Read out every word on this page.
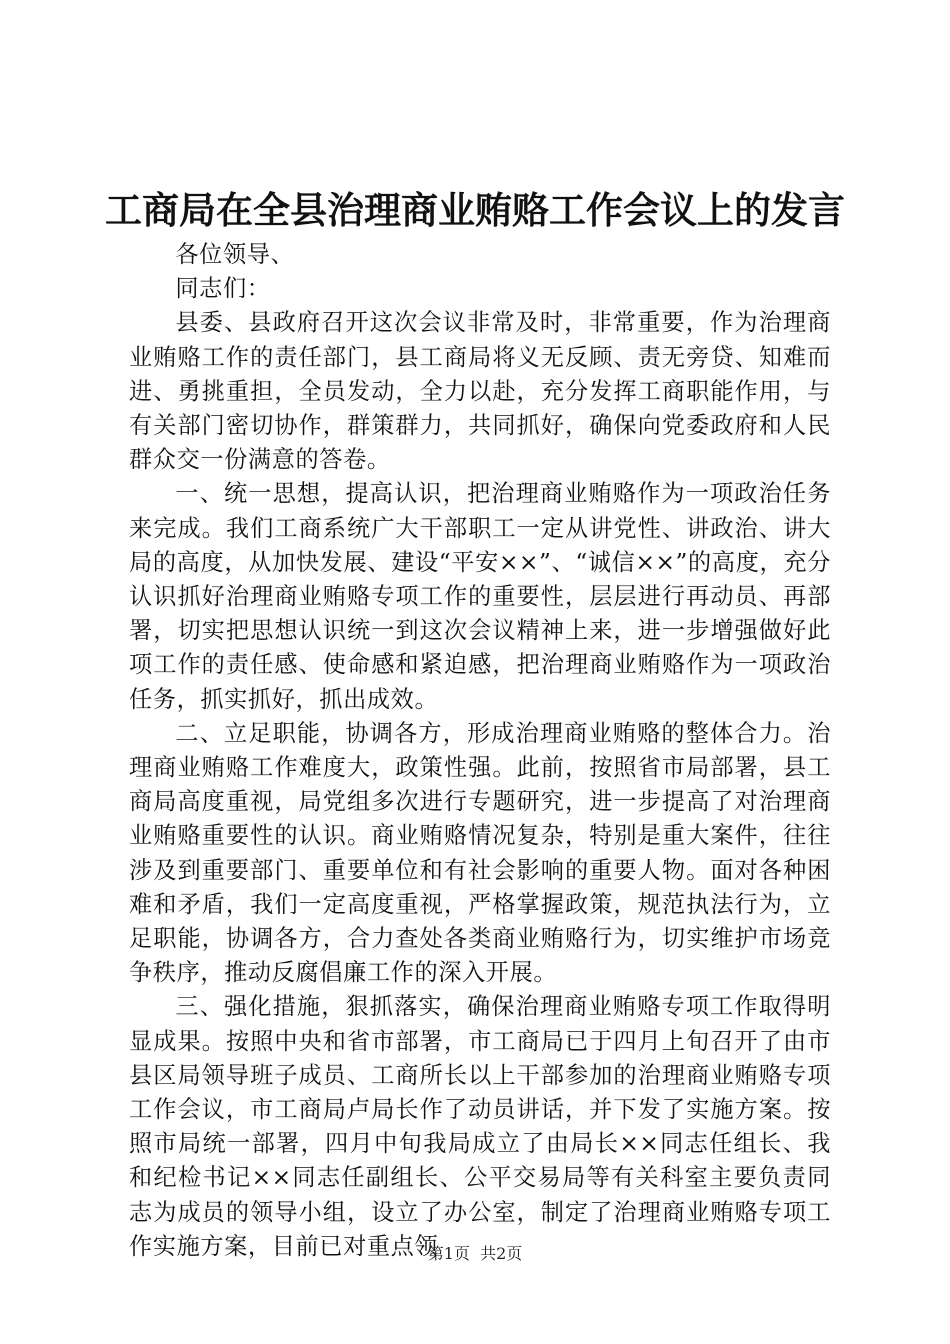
工商局在全县治理商业贿赂工作会议上的发言

各位领导、

同志们：

县委、县政府召开这次会议非常及时，非常重要，作为治理商业贿赂工作的责任部门，县工商局将义无反顾、责无旁贷、知难而进、勇挑重担，全员发动，全力以赴，充分发挥工商职能作用，与有关部门密切协作，群策群力，共同抓好，确保向党委政府和人民群众交一份满意的答卷。

一、统一思想，提高认识，把治理商业贿赂作为一项政治任务来完成。我们工商系统广大干部职工一定从讲党性、讲政治、讲大局的高度，从加快发展、建设“平安××”、“诚信××”的高度，充分认识抓好治理商业贿赂专项工作的重要性，层层进行再动员、再部署，切实把思想认识统一到这次会议精神上来，进一步增强做好此项工作的责任感、使命感和紧迫感，把治理商业贿赂作为一项政治任务，抓实抓好，抓出成效。

二、立足职能，协调各方，形成治理商业贿赂的整体合力。治理商业贿赂工作难度大，政策性强。此前，按照省市局部署，县工商局高度重视，局党组多次进行专题研究，进一步提高了对治理商业贿赂重要性的认识。商业贿赂情况复杂，特别是重大案件，往往涉及到重要部门、重要单位和有社会影响的重要人物。面对各种困难和矛盾，我们一定高度重视，严格掌握政策，规范执法行为，立足职能，协调各方，合力查处各类商业贿赂行为，切实维护市场竞争秩序，推动反腐倡廉工作的深入开展。

三、强化措施，狠抓落实，确保治理商业贿赂专项工作取得明显成果。按照中央和省市部署，市工商局已于四月上旬召开了由市县区局领导班子成员、工商所长以上干部参加的治理商业贿赂专项工作会议，市工商局卢局长作了动员讲话，并下发了实施方案。按照市局统一部署，四月中旬我局成立了由局长××同志任组长、我和纪检书记××同志任副组长、公平交易局等有关科室主要负责同志为成员的领导小组，设立了办公室，制定了治理商业贿赂专项工作实施方案，目前已对重点领

第1页  共2页
